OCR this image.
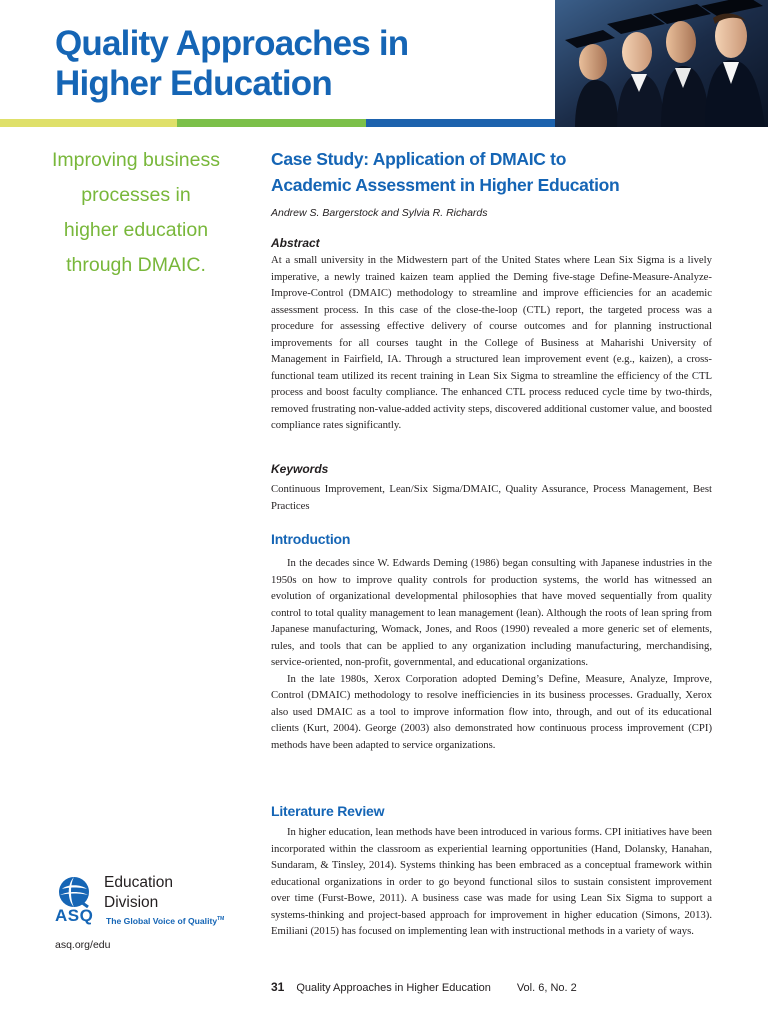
Quality Approaches in
Higher Education
Improving business
processes in
higher education
through DMAIC.
Case Study: Application of DMAIC to
Academic Assessment in Higher Education
Andrew S. Bargerstock and Sylvia R. Richards
Abstract

At a small university in the Midwestern part of the United States where Lean Six Sigma is a lively imperative, a newly trained kaizen team applied the Deming five-stage Define-Measure-Analyze-Improve-Control (DMAIC) methodology to streamline and improve efficiencies for an academic assessment process. In this case of the close-the-loop (CTL) report, the targeted process was a procedure for assessing effective delivery of course outcomes and for planning instructional improvements for all courses taught in the College of Business at Maharishi University of Management in Fairfield, IA. Through a structured lean improvement event (e.g., kaizen), a cross-functional team utilized its recent training in Lean Six Sigma to streamline the efficiency of the CTL process and boost faculty compliance. The enhanced CTL process reduced cycle time by two-thirds, removed frustrating non-value-added activity steps, discovered additional customer value, and boosted compliance rates significantly.

Keywords

Continuous Improvement, Lean/Six Sigma/DMAIC, Quality Assurance, Process Management, Best Practices

Introduction

In the decades since W. Edwards Deming (1986) began consulting with Japanese industries in the 1950s on how to improve quality controls for production systems, the world has witnessed an evolution of organizational developmental philosophies that have moved sequentially from quality control to total quality management to lean management (lean). Although the roots of lean spring from Japanese manufacturing, Womack, Jones, and Roos (1990) revealed a more generic set of elements, rules, and tools that can be applied to any organization including manufacturing, merchandising, service-oriented, non-profit, governmental, and educational organizations.

In the late 1980s, Xerox Corporation adopted Deming’s Define, Measure, Analyze, Improve, Control (DMAIC) methodology to resolve inefficiencies in its business processes. Gradually, Xerox also used DMAIC as a tool to improve information flow into, through, and out of its educational clients (Kurt, 2004). George (2003) also demonstrated how continuous process improvement (CPI) methods have been adapted to service organizations.

Literature Review

In higher education, lean methods have been introduced in various forms. CPI initiatives have been incorporated within the classroom as experiential learning opportunities (Hand, Dolansky, Hanahan, Sundaram, & Tinsley, 2014). Systems thinking has been embraced as a conceptual framework within educational organizations in order to go beyond functional silos to sustain consistent improvement over time (Furst-Bowe, 2011). A business case was made for using Lean Six Sigma to support a systems-thinking and project-based approach for improvement in higher education (Simons, 2013). Emiliani (2015) has focused on implementing lean with instructional methods in a variety of ways.

ASQ
Education
Division
The Global Voice of Quality™
asq.org/edu
31 Quality Approaches in Higher Education Vol. 6, No. 2
